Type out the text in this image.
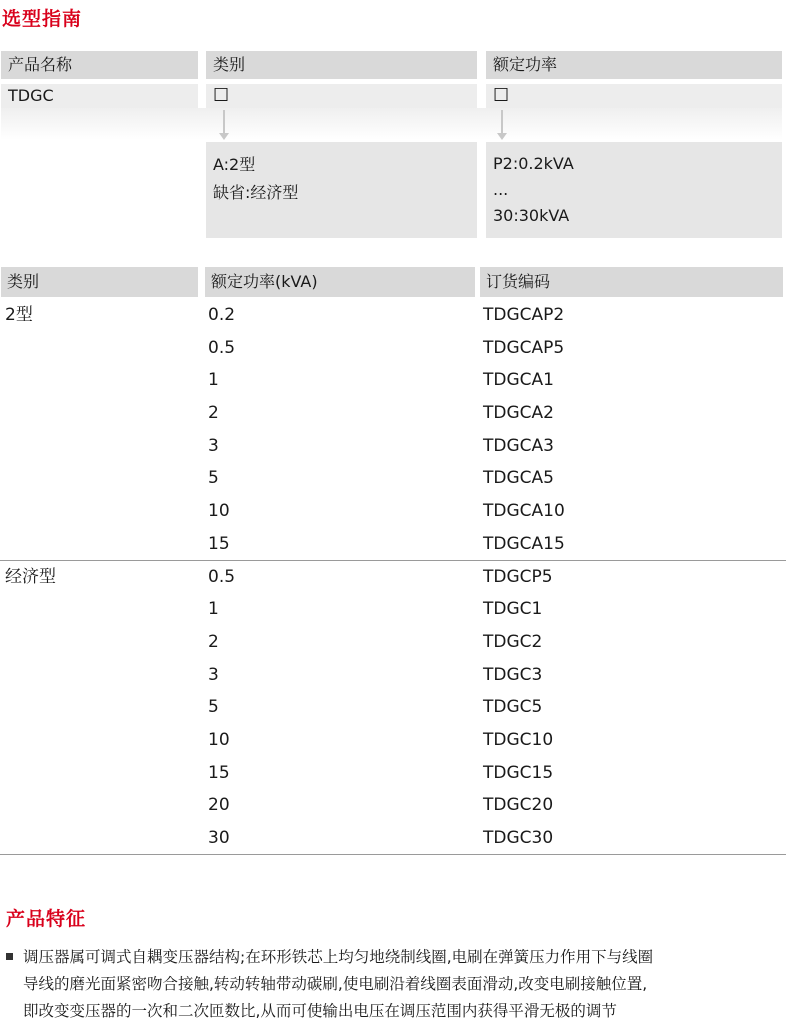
选型指南
产品名称	类别	额定功率
TDGC	☐	☐
A:2型
缺省:经济型
P2:0.2kVA
...
30:30kVA
类别	额定功率(kVA)	订货编码
2型	0.2	TDGCAP2
0.5	TDGCAP5
1	TDGCA1
2	TDGCA2
3	TDGCA3
5	TDGCA5
10	TDGCA10
15	TDGCA15
经济型	0.5	TDGCP5
1	TDGC1
2	TDGC2
3	TDGC3
5	TDGC5
10	TDGC10
15	TDGC15
20	TDGC20
30	TDGC30
产品特征
调压器属可调式自耦变压器结构;在环形铁芯上均匀地绕制线圈,电刷在弹簧压力作用下与线圈
导线的磨光面紧密吻合接触,转动转轴带动碳刷,使电刷沿着线圈表面滑动,改变电刷接触位置,
即改变变压器的一次和二次匝数比,从而可使输出电压在调压范围内获得平滑无极的调节
